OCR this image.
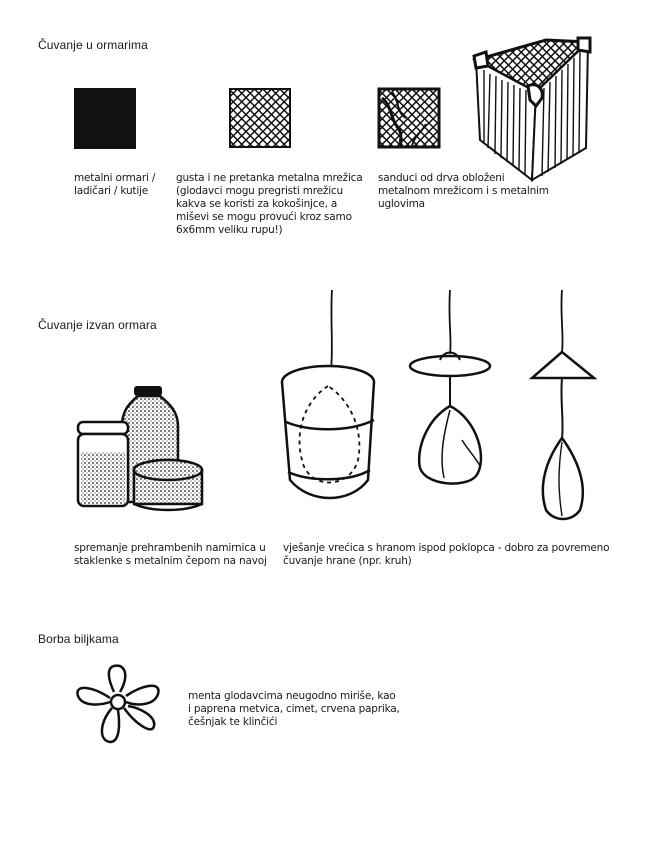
Čuvanje u ormarima
metalni ormari /
ladičari / kutije
gusta i ne pretanka metalna mrežica
(glodavci mogu pregristi mrežicu
kakva se koristi za kokošinjce, a
miševi se mogu provući kroz samo
6x6mm veliku rupu!)
sanduci od drva obloženi
metalnom mrežicom i s metalnim
uglovima
Čuvanje izvan ormara
spremanje prehrambenih namirnica u
staklenke s metalnim čepom na navoj
vješanje vrećica s hranom ispod poklopca - dobro za povremeno
čuvanje hrane (npr. kruh)
Borba biljkama
menta glodavcima neugodno miriše, kao
i paprena metvica, cimet, crvena paprika,
češnjak te klinčići
